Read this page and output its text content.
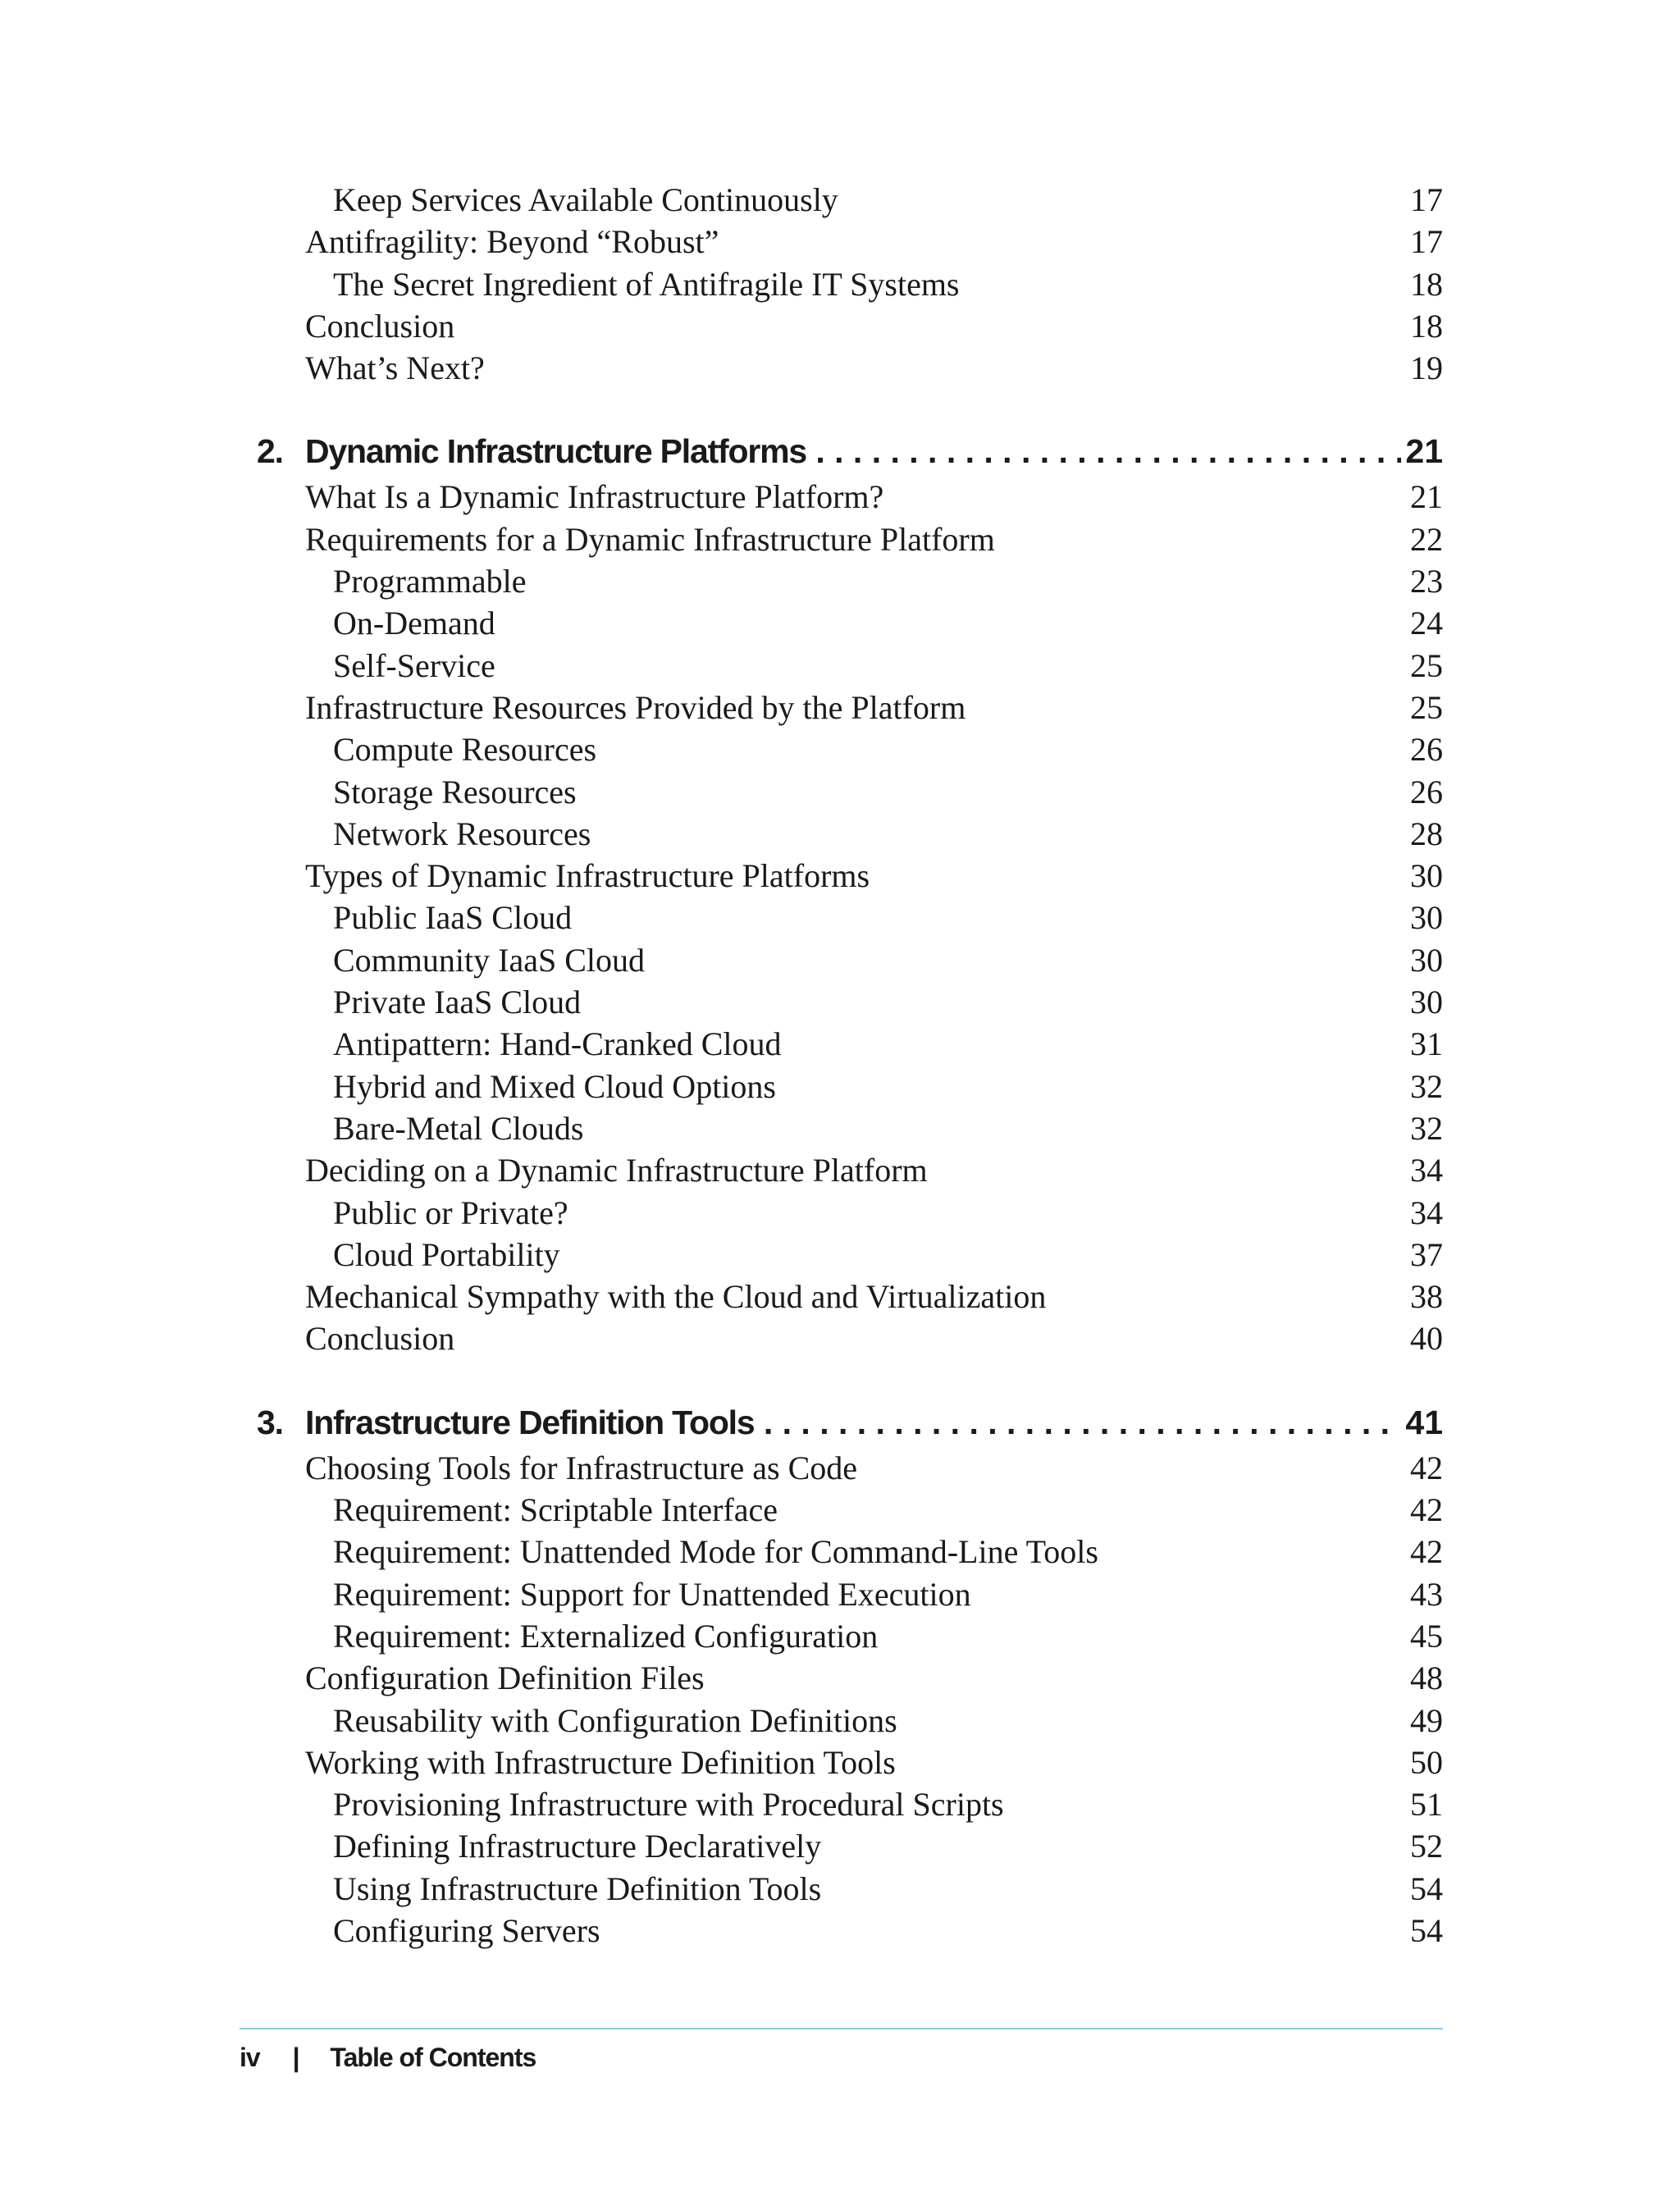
Keep Services Available Continuously	17
Antifragility: Beyond “Robust”	17
The Secret Ingredient of Antifragile IT Systems	18
Conclusion	18
What’s Next?	19
2. Dynamic Infrastructure Platforms . . .	21
What Is a Dynamic Infrastructure Platform?	21
Requirements for a Dynamic Infrastructure Platform	22
Programmable	23
On-Demand	24
Self-Service	25
Infrastructure Resources Provided by the Platform	25
Compute Resources	26
Storage Resources	26
Network Resources	28
Types of Dynamic Infrastructure Platforms	30
Public IaaS Cloud	30
Community IaaS Cloud	30
Private IaaS Cloud	30
Antipattern: Hand-Cranked Cloud	31
Hybrid and Mixed Cloud Options	32
Bare-Metal Clouds	32
Deciding on a Dynamic Infrastructure Platform	34
Public or Private?	34
Cloud Portability	37
Mechanical Sympathy with the Cloud and Virtualization	38
Conclusion	40
3. Infrastructure Definition Tools . . .	41
Choosing Tools for Infrastructure as Code	42
Requirement: Scriptable Interface	42
Requirement: Unattended Mode for Command-Line Tools	42
Requirement: Support for Unattended Execution	43
Requirement: Externalized Configuration	45
Configuration Definition Files	48
Reusability with Configuration Definitions	49
Working with Infrastructure Definition Tools	50
Provisioning Infrastructure with Procedural Scripts	51
Defining Infrastructure Declaratively	52
Using Infrastructure Definition Tools	54
Configuring Servers	54
iv | Table of Contents
